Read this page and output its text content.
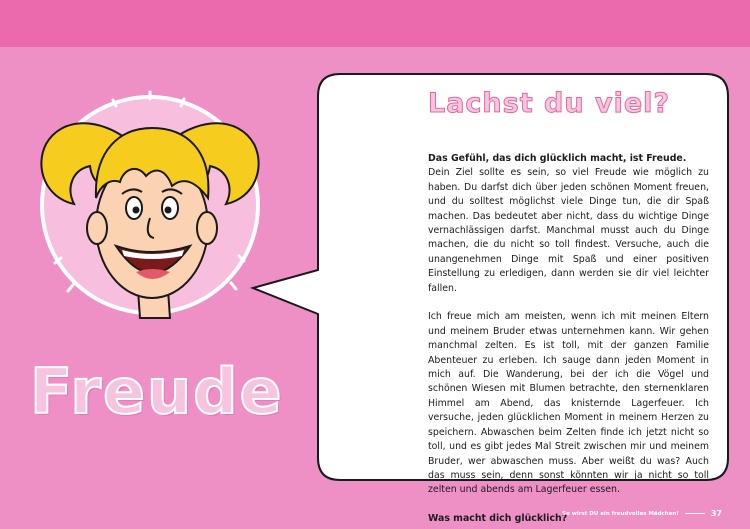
Freude
Lachst du viel?

Das Gefühl, das dich glücklich macht, ist Freude.

Dein Ziel sollte es sein, so viel Freude wie möglich zu haben. Du darfst dich über jeden schönen Moment freuen, und du solltest möglichst viele Dinge tun, die dir Spaß machen. Das bedeutet aber nicht, dass du wichtige Dinge vernachlässigen darfst. Manchmal musst auch du Dinge machen, die du nicht so toll findest. Versuche, auch die unangenehmen Dinge mit Spaß und einer positiven Einstellung zu erledigen, dann werden sie dir viel leichter fallen.

Ich freue mich am meisten, wenn ich mit meinen Eltern und meinem Bruder etwas unternehmen kann. Wir gehen manchmal zelten. Es ist toll, mit der ganzen Familie Abenteuer zu erleben. Ich sauge dann jeden Moment in mich auf. Die Wanderung, bei der ich die Vögel und schönen Wiesen mit Blumen betrachte, den sternenklaren Himmel am Abend, das knisternde Lagerfeuer. Ich versuche, jeden glücklichen Moment in meinem Herzen zu speichern. Abwaschen beim Zelten finde ich jetzt nicht so toll, und es gibt jedes Mal Streit zwischen mir und meinem Bruder, wer abwaschen muss. Aber weißt du was? Auch das muss sein, denn sonst könnten wir ja nicht so toll zelten und abends am Lagerfeuer essen.

Was macht dich glücklich?

So wirst DU ein freudvolles Mädchen!	37
